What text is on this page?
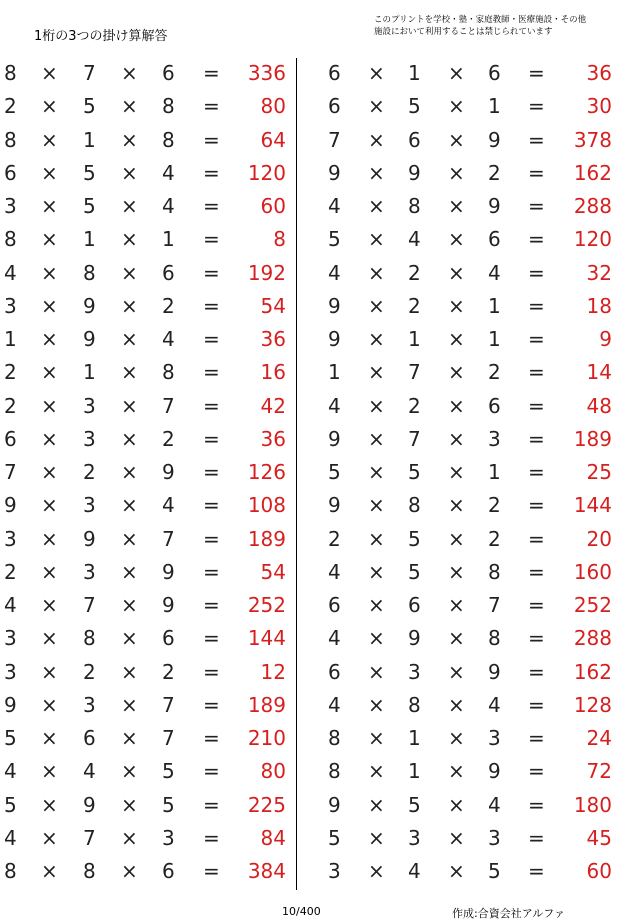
1桁の3つの掛け算解答
このプリントを学校・塾・家庭教師・医療施設・その他
施設において利用することは禁じられています
8 × 7 × 6 =	336
2 × 5 × 8 =	80
8 × 1 × 8 =	64
6 × 5 × 4 =	120
3 × 5 × 4 =	60
8 × 1 × 1 =	8
4 × 8 × 6 =	192
3 × 9 × 2 =	54
1 × 9 × 4 =	36
2 × 1 × 8 =	16
2 × 3 × 7 =	42
6 × 3 × 2 =	36
7 × 2 × 9 =	126
9 × 3 × 4 =	108
3 × 9 × 7 =	189
2 × 3 × 9 =	54
4 × 7 × 9 =	252
3 × 8 × 6 =	144
3 × 2 × 2 =	12
9 × 3 × 7 =	189
5 × 6 × 7 =	210
4 × 4 × 5 =	80
5 × 9 × 5 =	225
4 × 7 × 3 =	84
8 × 8 × 6 =	384
6 × 1 × 6 =	36
6 × 5 × 1 =	30
7 × 6 × 9 =	378
9 × 9 × 2 =	162
4 × 8 × 9 =	288
5 × 4 × 6 =	120
4 × 2 × 4 =	32
9 × 2 × 1 =	18
9 × 1 × 1 =	9
1 × 7 × 2 =	14
4 × 2 × 6 =	48
9 × 7 × 3 =	189
5 × 5 × 1 =	25
9 × 8 × 2 =	144
2 × 5 × 2 =	20
4 × 5 × 8 =	160
6 × 6 × 7 =	252
4 × 9 × 8 =	288
6 × 3 × 9 =	162
4 × 8 × 4 =	128
8 × 1 × 3 =	24
8 × 1 × 9 =	72
9 × 5 × 4 =	180
5 × 3 × 3 =	45
3 × 4 × 5 =	60
10/400	作成:合資会社アルファ
